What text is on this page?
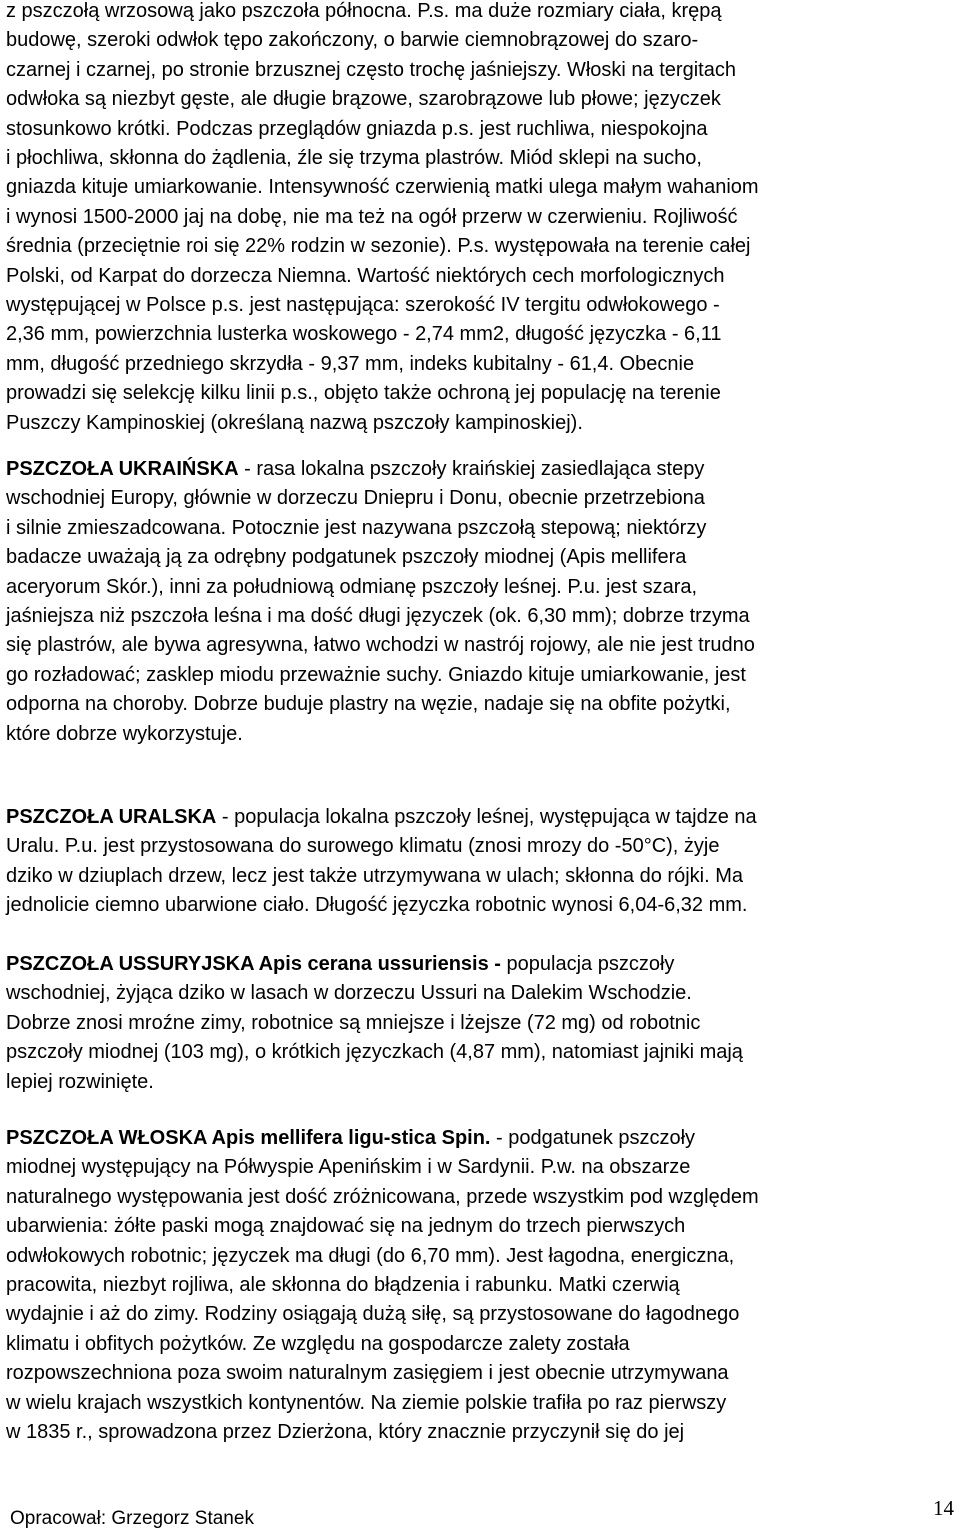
z pszczołą wrzosową jako pszczoła północna. P.s. ma duże rozmiary ciała, krępą
budowę, szeroki odwłok tępo zakończony, o barwie ciemnobrązowej do szaro-
czarnej i czarnej, po stronie brzusznej często trochę jaśniejszy. Włoski na tergitach
odwłoka są niezbyt gęste, ale długie brązowe, szarobrązowe lub płowe; języczek
stosunkowo krótki. Podczas przeglądów gniazda p.s. jest ruchliwa, niespokojna
i płochliwa, skłonna do żądlenia, źle się trzyma plastrów. Miód sklepi na sucho,
gniazda kituje umiarkowanie. Intensywność czerwienią matki ulega małym wahaniom
i wynosi 1500-2000 jaj na dobę, nie ma też na ogół przerw w czerwieniu. Rojliwość
średnia (przeciętnie roi się 22% rodzin w sezonie). P.s. występowała na terenie całej
Polski, od Karpat do dorzecza Niemna. Wartość niektórych cech morfologicznych
występującej w Polsce p.s. jest następująca: szerokość IV tergitu odwłokowego -
2,36 mm, powierzchnia lusterka woskowego - 2,74 mm2, długość języczka - 6,11
mm, długość przedniego skrzydła - 9,37 mm, indeks kubitalny - 61,4. Obecnie
prowadzi się selekcję kilku linii p.s., objęto także ochroną jej populację na terenie
Puszczy Kampinoskiej (określaną nazwą pszczoły kampinoskiej).

PSZCZOŁA UKRAIŃSKA - rasa lokalna pszczoły kraińskiej zasiedlająca stepy
wschodniej Europy, głównie w dorzeczu Dniepru i Donu, obecnie przetrzebiona
i silnie zmieszadcowana. Potocznie jest nazywana pszczołą stepową; niektórzy
badacze uważają ją za odrębny podgatunek pszczoły miodnej (Apis mellifera
aceryorum Skór.), inni za południową odmianę pszczoły leśnej. P.u. jest szara,
jaśniejsza niż pszczoła leśna i ma dość długi języczek (ok. 6,30 mm); dobrze trzyma
się plastrów, ale bywa agresywna, łatwo wchodzi w nastrój rojowy, ale nie jest trudno
go rozładować; zasklep miodu przeważnie suchy. Gniazdo kituje umiarkowanie, jest
odporna na choroby. Dobrze buduje plastry na węzie, nadaje się na obfite pożytki,
które dobrze wykorzystuje.

PSZCZOŁA URALSKA - populacja lokalna pszczoły leśnej, występująca w tajdze na
Uralu. P.u. jest przystosowana do surowego klimatu (znosi mrozy do -50°C), żyje
dziko w dziuplach drzew, lecz jest także utrzymywana w ulach; skłonna do rójki. Ma
jednolicie ciemno ubarwione ciało. Długość języczka robotnic wynosi 6,04-6,32 mm.

PSZCZOŁA USSURYJSKA Apis cerana ussuriensis - populacja pszczoły
wschodniej, żyjąca dziko w lasach w dorzeczu Ussuri na Dalekim Wschodzie.
Dobrze znosi mroźne zimy, robotnice są mniejsze i lżejsze (72 mg) od robotnic
pszczoły miodnej (103 mg), o krótkich języczkach (4,87 mm), natomiast jajniki mają
lepiej rozwinięte.

PSZCZOŁA WŁOSKA Apis mellifera ligu-stica Spin. - podgatunek pszczoły
miodnej występujący na Półwyspie Apenińskim i w Sardynii. P.w. na obszarze
naturalnego występowania jest dość zróżnicowana, przede wszystkim pod względem
ubarwienia: żółte paski mogą znajdować się na jednym do trzech pierwszych
odwłokowych robotnic; języczek ma długi (do 6,70 mm). Jest łagodna, energiczna,
pracowita, niezbyt rojliwa, ale skłonna do błądzenia i rabunku. Matki czerwią
wydajnie i aż do zimy. Rodziny osiągają dużą siłę, są przystosowane do łagodnego
klimatu i obfitych pożytków. Ze względu na gospodarcze zalety została
rozpowszechniona poza swoim naturalnym zasięgiem i jest obecnie utrzymywana
w wielu krajach wszystkich kontynentów. Na ziemie polskie trafiła po raz pierwszy
w 1835 r., sprowadzona przez Dzierżona, który znacznie przyczynił się do jej

Opracował: Grzegorz Stanek	14
